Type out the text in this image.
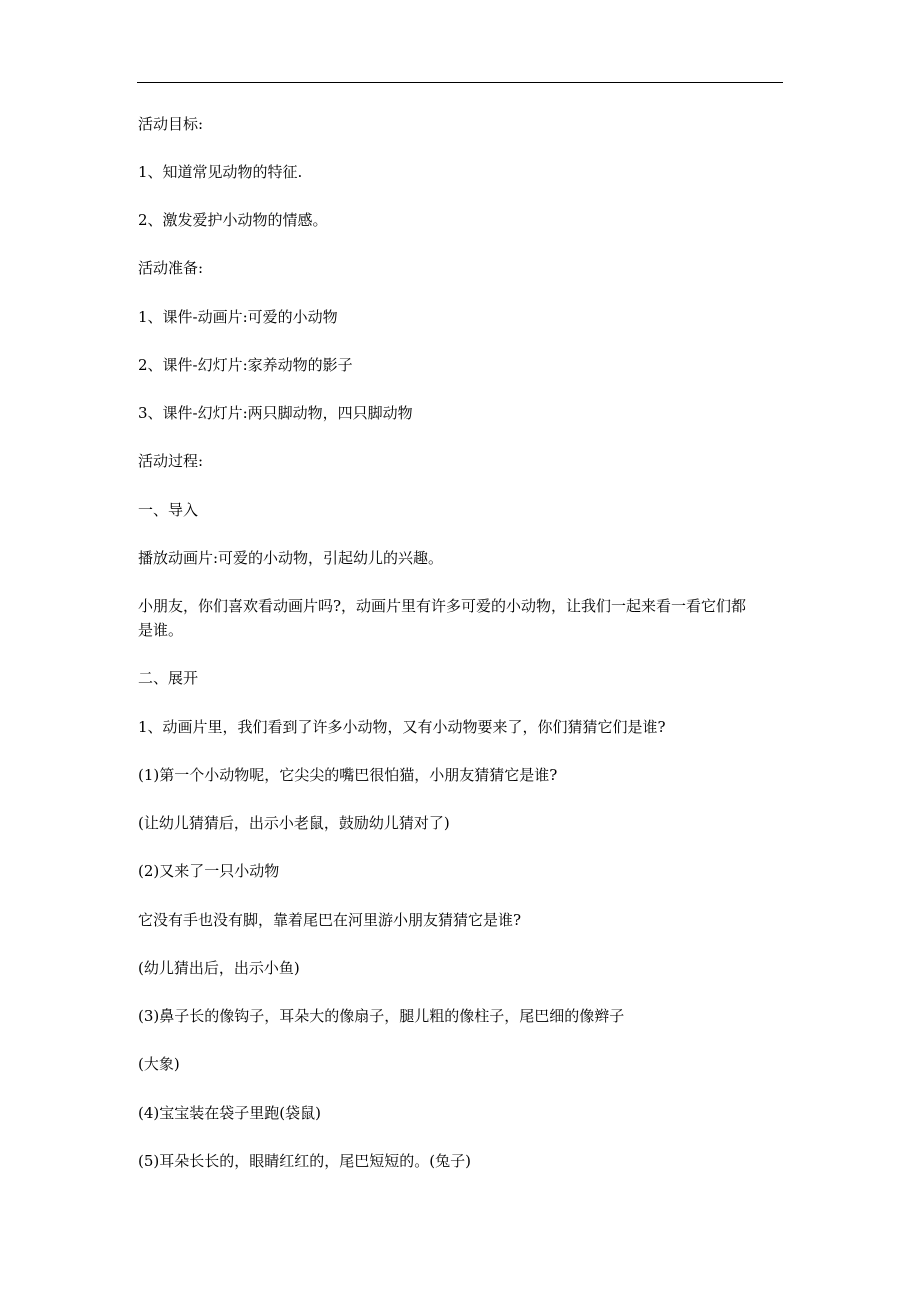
活动目标:
1、知道常见动物的特征.
2、激发爱护小动物的情感。
活动准备:
1、课件-动画片:可爱的小动物
2、课件-幻灯片:家养动物的影子
3、课件-幻灯片:两只脚动物，四只脚动物
活动过程:
一、导入
播放动画片:可爱的小动物，引起幼儿的兴趣。
小朋友，你们喜欢看动画片吗?，动画片里有许多可爱的小动物，让我们一起来看一看它们都是谁。
二、展开
1、动画片里，我们看到了许多小动物，又有小动物要来了，你们猜猜它们是谁?
(1)第一个小动物呢，它尖尖的嘴巴很怕猫，小朋友猜猜它是谁?
(让幼儿猜猜后，出示小老鼠，鼓励幼儿猜对了)
(2)又来了一只小动物
它没有手也没有脚，靠着尾巴在河里游小朋友猜猜它是谁?
(幼儿猜出后，出示小鱼)
(3)鼻子长的像钩子，耳朵大的像扇子，腿儿粗的像柱子，尾巴细的像辫子
(大象)
(4)宝宝装在袋子里跑(袋鼠)
(5)耳朵长长的，眼睛红红的，尾巴短短的。(兔子)
